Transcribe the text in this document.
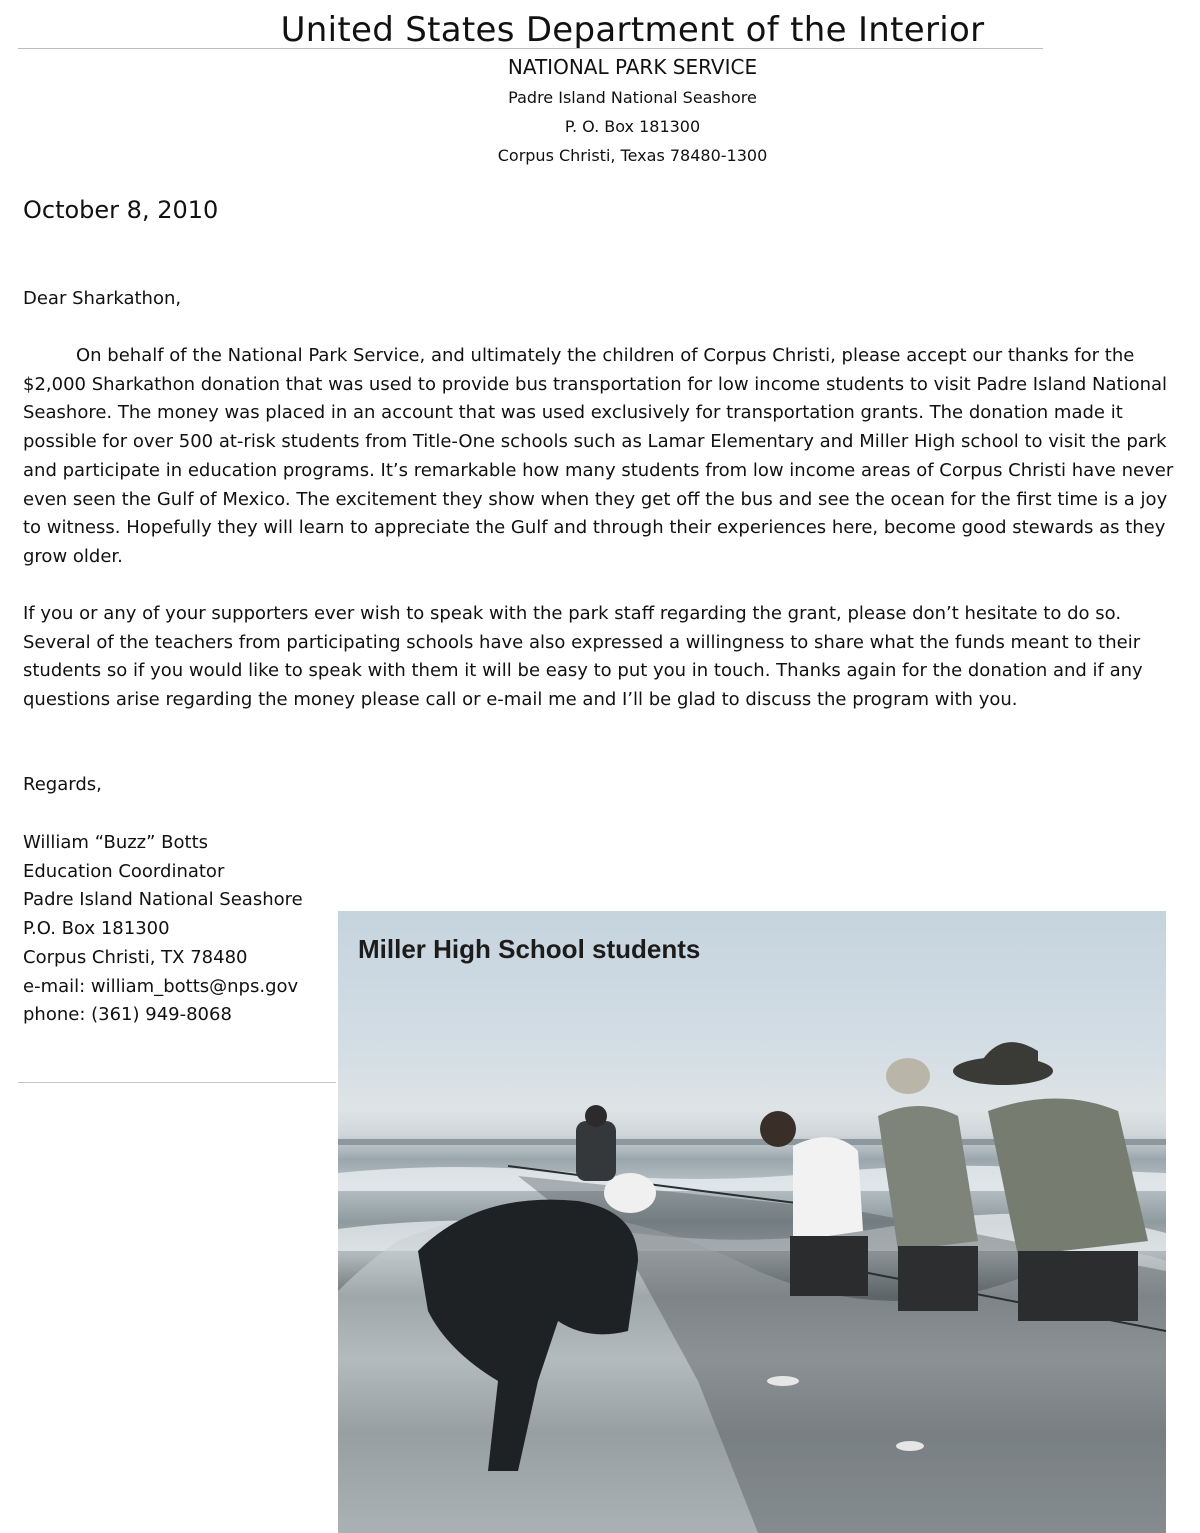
United States Department of the Interior

NATIONAL PARK SERVICE

Padre Island National Seashore

P. O. Box 181300

Corpus Christi, Texas 78480-1300

October 8, 2010

Dear Sharkathon,

On behalf of the National Park Service, and ultimately the children of Corpus Christi, please accept our thanks for the $2,000 Sharkathon donation that was used to provide bus transportation for low income students to visit Padre Island National Seashore. The money was placed in an account that was used exclusively for transportation grants. The donation made it possible for over 500 at-risk students from Title-One schools such as Lamar Elementary and Miller High school to visit the park and participate in education programs. It’s remarkable how many students from low income areas of Corpus Christi have never even seen the Gulf of Mexico. The excitement they show when they get off the bus and see the ocean for the first time is a joy to witness. Hopefully they will learn to appreciate the Gulf and through their experiences here, become good stewards as they grow older.

If you or any of your supporters ever wish to speak with the park staff regarding the grant, please don’t hesitate to do so. Several of the teachers from participating schools have also expressed a willingness to share what the funds meant to their students so if you would like to speak with them it will be easy to put you in touch. Thanks again for the donation and if any questions arise regarding the money please call or e-mail me and I’ll be glad to discuss the program with you.

Regards,

William “Buzz” Botts
Education Coordinator
Padre Island National Seashore
P.O. Box 181300
Corpus Christi, TX 78480
e-mail: william_botts@nps.gov
phone: (361) 949-8068

Miller High School students
